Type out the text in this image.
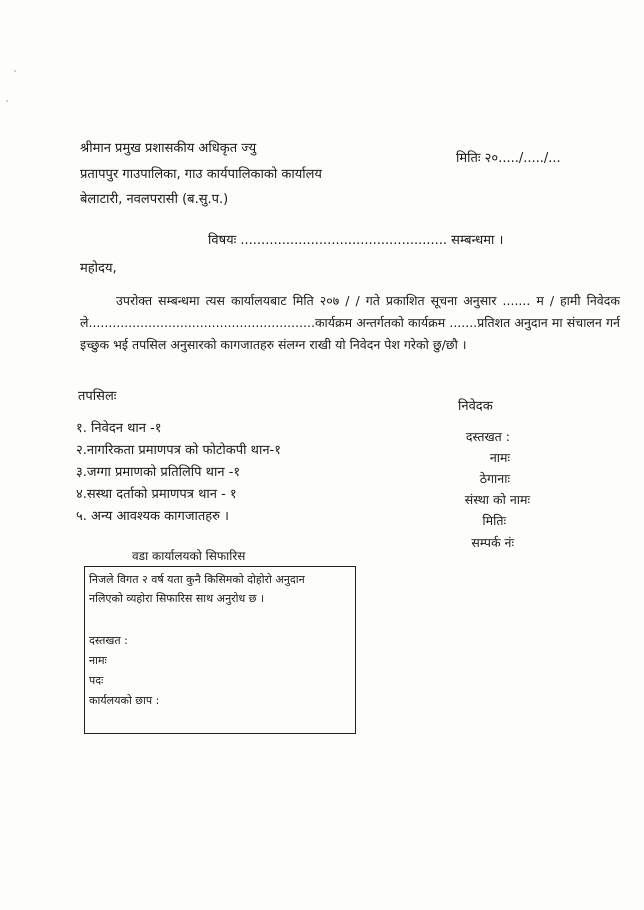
श्रीमान प्रमुख प्रशासकीय अधिकृत ज्यु
प्रतापपुर गाउपालिका, गाउ कार्यपालिकाको कार्यालय
बेलाटारी, नवलपरासी (ब.सु.प.)
मितिः २०...../...../...
विषयः .................................................. सम्बन्धमा ।
महोदय,
उपरोक्त सम्बन्धमा त्यस कार्यालयबाट मिति २०७ / / गते प्रकाशित सूचना अनुसार ....... म / हामी निवेदक ले.........................................................कार्यक्रम अन्तर्गतको कार्यक्रम .......प्रतिशत अनुदान मा संचालन गर्न इच्छुक भई तपसिल अनुसारको कागजातहरु संलग्न राखी यो निवेदन पेश गरेको छु/छौ ।
तपसिलः
१. निवेदन थान -१
२.नागरिकता प्रमाणपत्र को फोटोकपी थान-१
३.जग्गा प्रमाणको प्रतिलिपि थान -१
४.सस्था दर्ताको प्रमाणपत्र थान - १
५. अन्य आवश्यक कागजातहरु ।
निवेदक
दस्तखत :
नामः
ठेगानाः
संस्था को नामः
मितिः
सम्पर्क नंः
वडा कार्यालयको सिफारिस
निजले विगत २ वर्ष यता कुनै किसिमको दोहोरो अनुदान
नलिएको व्यहोरा सिफारिस साथ अनुरोध छ ।
दस्तखत :
नामः
पदः
कार्यलयको छाप :
